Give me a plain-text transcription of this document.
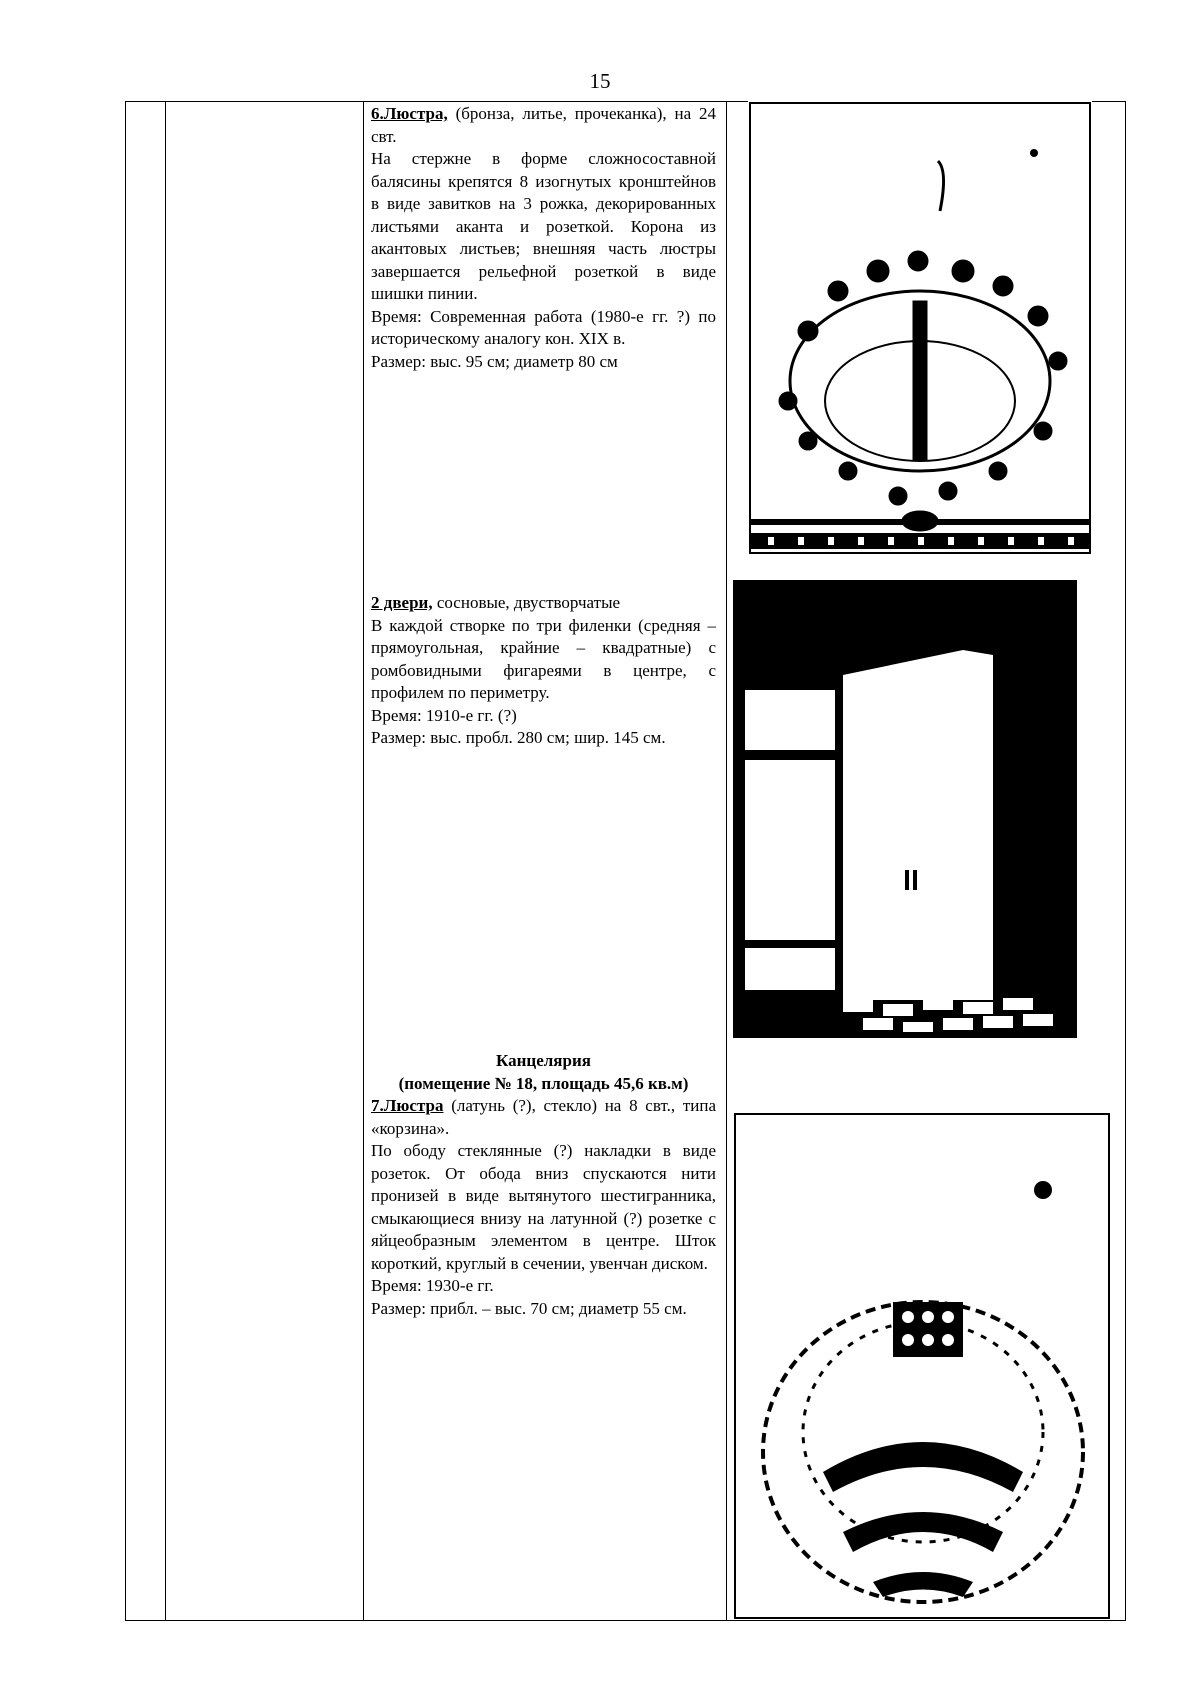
15

6.Люстра, (бронза, литье, прочеканка), на 24 свт.

На стержне в форме сложносоставной балясины крепятся 8 изогнутых кронштейнов в виде завитков на 3 рожка, декорированных листьями аканта и розеткой. Корона из акантовых листьев; внешняя часть люстры завершается рельефной розеткой в виде шишки пинии.

Время: Современная работа (1980-е гг. ?) по историческому аналогу кон. XIX в.

Размер: выс. 95 см; диаметр 80 см

2 двери, сосновые, двустворчатые

В каждой створке по три филенки (средняя – прямоугольная, крайние – квадратные) с ромбовидными фигареями в центре, с профилем по периметру.

Время: 1910-е гг. (?)

Размер: выс. пробл. 280 см; шир. 145 см.

Канцелярия

(помещение № 18, площадь 45,6 кв.м)

7.Люстра (латунь (?), стекло) на 8 свт., типа «корзина».

По ободу стеклянные (?) накладки в виде розеток. От обода вниз спускаются нити пронизей в виде вытянутого шестигранника, смыкающиеся внизу на латунной (?) розетке с яйцеобразным элементом в центре. Шток короткий, круглый в сечении, увенчан диском.

Время: 1930-е гг.

Размер: прибл. – выс. 70 см; диаметр 55 см.
